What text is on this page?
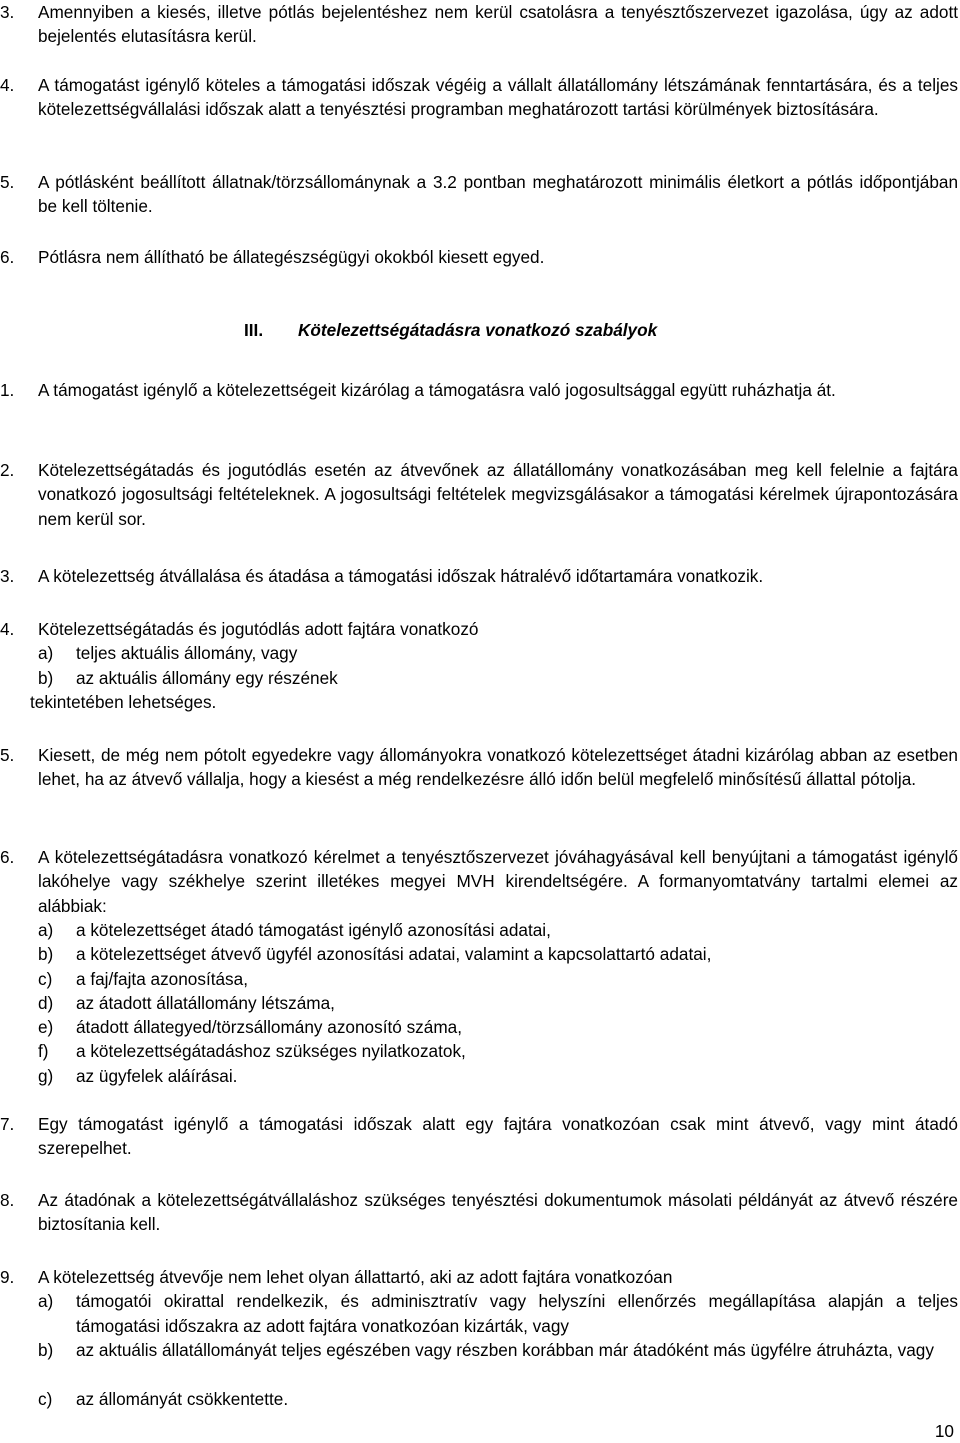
3. Amennyiben a kiesés, illetve pótlás bejelentéshez nem kerül csatolásra a tenyésztőszervezet igazolása, úgy az adott bejelentés elutasításra kerül.
4. A támogatást igénylő köteles a támogatási időszak végéig a vállalt állatállomány létszámának fenntartására, és a teljes kötelezettségvállalási időszak alatt a tenyésztési programban meghatározott tartási körülmények biztosítására.
5. A pótlásként beállított állatnak/törzsállománynak a 3.2 pontban meghatározott minimális életkort a pótlás időpontjában be kell töltenie.
6. Pótlásra nem állítható be állategészségügyi okokból kiesett egyed.
III. Kötelezettségátadásra vonatkozó szabályok
1. A támogatást igénylő a kötelezettségeit kizárólag a támogatásra való jogosultsággal együtt ruházhatja át.
2. Kötelezettségátadás és jogutódlás esetén az átvevőnek az állatállomány vonatkozásában meg kell felelnie a fajtára vonatkozó jogosultsági feltételeknek. A jogosultsági feltételek megvizsgálásakor a támogatási kérelmek újrapontozására nem kerül sor.
3. A kötelezettség átvállalása és átadása a támogatási időszak hátralévő időtartamára vonatkozik.
4. Kötelezettségátadás és jogutódlás adott fajtára vonatkozó
a) teljes aktuális állomány, vagy
b) az aktuális állomány egy részének
tekintetében lehetséges.
5. Kiesett, de még nem pótolt egyedekre vagy állományokra vonatkozó kötelezettséget átadni kizárólag abban az esetben lehet, ha az átvevő vállalja, hogy a kiesést a még rendelkezésre álló időn belül megfelelő minősítésű állattal pótolja.
6. A kötelezettségátadásra vonatkozó kérelmet a tenyésztőszervezet jóváhagyásával kell benyújtani a támogatást igénylő lakóhelye vagy székhelye szerint illetékes megyei MVH kirendeltségére. A formanyomtatvány tartalmi elemei az alábbiak:
a) a kötelezettséget átadó támogatást igénylő azonosítási adatai,
b) a kötelezettséget átvevő ügyfél azonosítási adatai, valamint a kapcsolattartó adatai,
c) a faj/fajta azonosítása,
d) az átadott állatállomány létszáma,
e) átadott állategyed/törzsállomány azonosító száma,
f) a kötelezettségátadáshoz szükséges nyilatkozatok,
g) az ügyfelek aláírásai.
7. Egy támogatást igénylő a támogatási időszak alatt egy fajtára vonatkozóan csak mint átvevő, vagy mint átadó szerepelhet.
8. Az átadónak a kötelezettségátvállaláshoz szükséges tenyésztési dokumentumok másolati példányát az átvevő részére biztosítania kell.
9. A kötelezettség átvevője nem lehet olyan állattartó, aki az adott fajtára vonatkozóan
a) támogatói okirattal rendelkezik, és adminisztratív vagy helyszíni ellenőrzés megállapítása alapján a teljes támogatási időszakra az adott fajtára vonatkozóan kizárták, vagy
b) az aktuális állatállományát teljes egészében vagy részben korábban már átadóként más ügyfélre átruházta, vagy
c) az állományát csökkentette.
10
